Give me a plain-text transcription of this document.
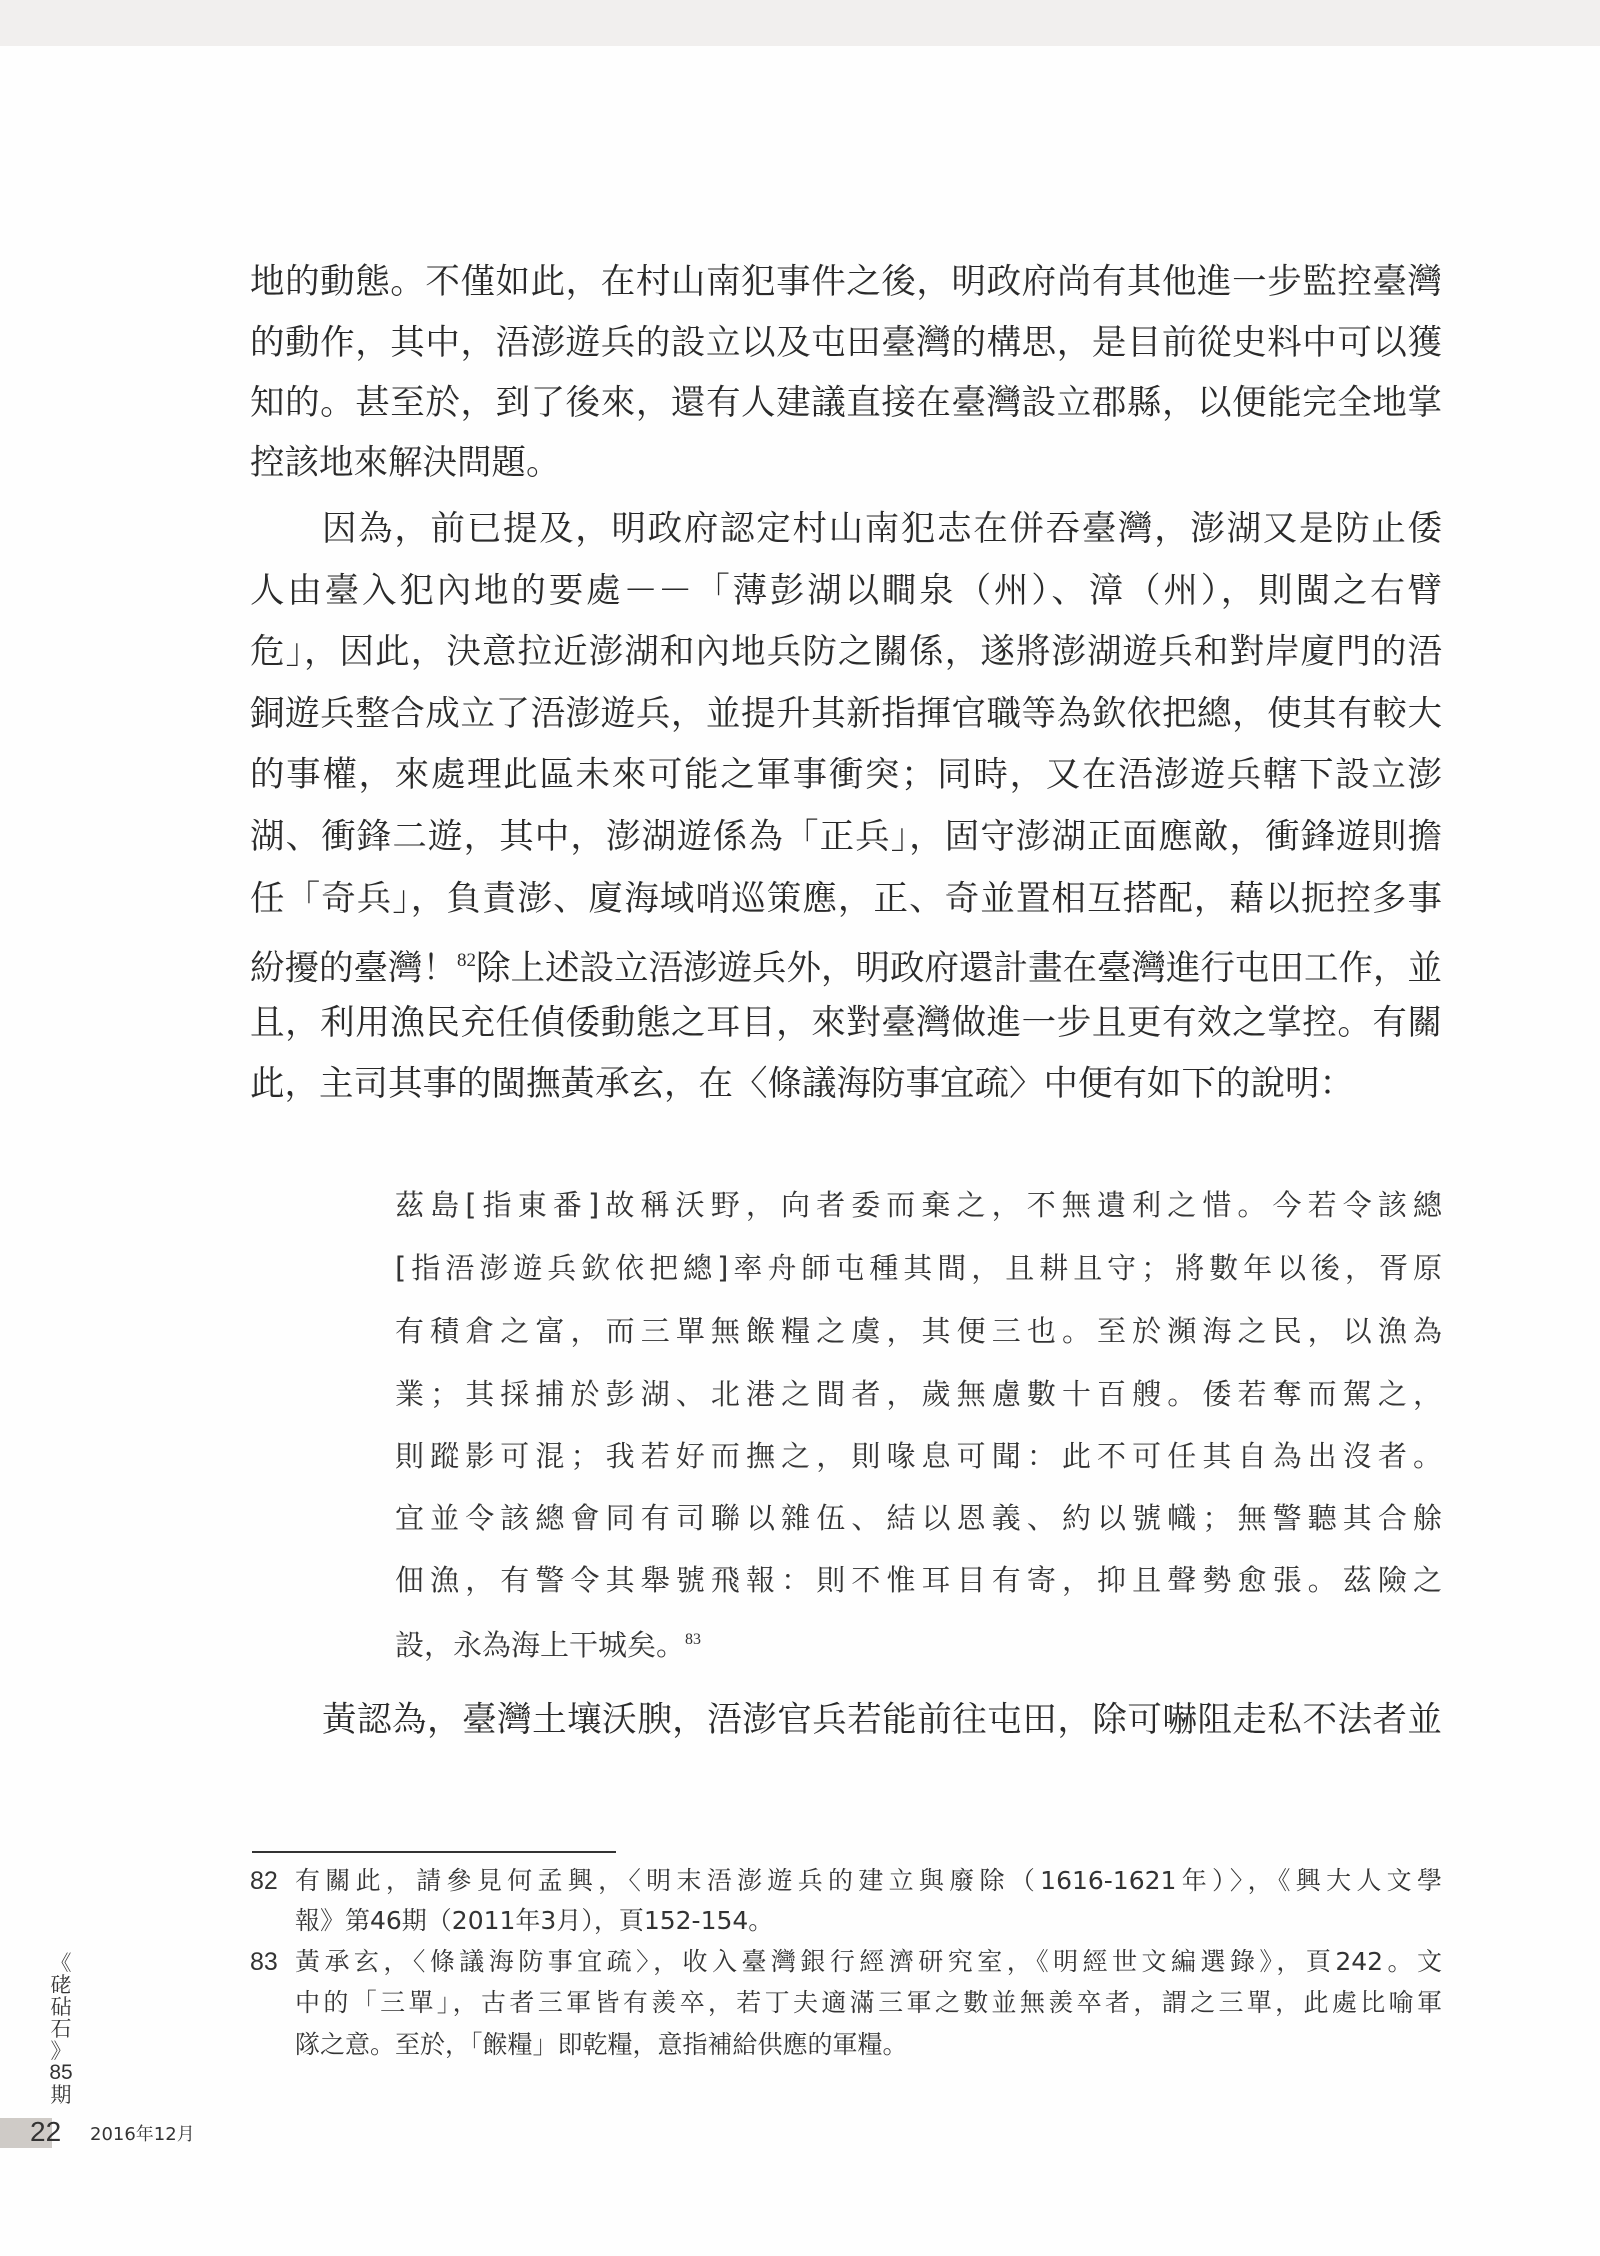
地的動態。不僅如此，在村山南犯事件之後，明政府尚有其他進一步監控臺灣
的動作，其中，浯澎遊兵的設立以及屯田臺灣的構思，是目前從史料中可以獲
知的。甚至於，到了後來，還有人建議直接在臺灣設立郡縣，以便能完全地掌
控該地來解決問題。
因為，前已提及，明政府認定村山南犯志在併吞臺灣，澎湖又是防止倭
人由臺入犯內地的要處－－「薄彭湖以瞷泉（州）、漳（州），則閩之右臂
危」，因此，決意拉近澎湖和內地兵防之關係，遂將澎湖遊兵和對岸廈門的浯
銅遊兵整合成立了浯澎遊兵，並提升其新指揮官職等為欽依把總，使其有較大
的事權，來處理此區未來可能之軍事衝突；同時，又在浯澎遊兵轄下設立澎
湖、衝鋒二遊，其中，澎湖遊係為「正兵」，固守澎湖正面應敵，衝鋒遊則擔
任「奇兵」，負責澎、廈海域哨巡策應，正、奇並置相互搭配，藉以扼控多事
紛擾的臺灣！$^{82}$除上述設立浯澎遊兵外，明政府還計畫在臺灣進行屯田工作，並
且，利用漁民充任偵倭動態之耳目，來對臺灣做進一步且更有效之掌控。有關
此，主司其事的閩撫黃承玄，在〈條議海防事宜疏〉中便有如下的說明：
茲島[指東番]故稱沃野，向者委而棄之，不無遺利之惜。今若令該總
[指浯澎遊兵欽依把總]率舟師屯種其間，且耕且守；將數年以後，胥原
有積倉之富，而三單無餱糧之虞，其便三也。至於瀕海之民，以漁為
業；其採捕於彭湖、北港之間者，歲無慮數十百艘。倭若奪而駕之，
則蹤影可混；我若好而撫之，則喙息可聞：此不可任其自為出沒者。
宜並令該總會同有司聯以雜伍、結以恩義、約以號幟；無警聽其合艅
佃漁，有警令其舉號飛報：則不惟耳目有寄，抑且聲勢愈張。茲險之
設，永為海上干城矣。$^{83}$
黃認為，臺灣土壤沃腴，浯澎官兵若能前往屯田，除可嚇阻走私不法者並
82 有關此，請參見何孟興，〈明末浯澎遊兵的建立與廢除（1616-1621年）〉，《興大人文學
報》第46期（2011年3月），頁152-154。
83 黃承玄，〈條議海防事宜疏〉，收入臺灣銀行經濟研究室，《明經世文編選錄》，頁242。文
中的「三單」，古者三軍皆有羨卒，若丁夫適滿三軍之數並無羨卒者，謂之三單，此處比喻軍
隊之意。至於，「餱糧」即乾糧，意指補給供應的軍糧。
《
硓
砧
石
》
85
期
22 2016年12月
